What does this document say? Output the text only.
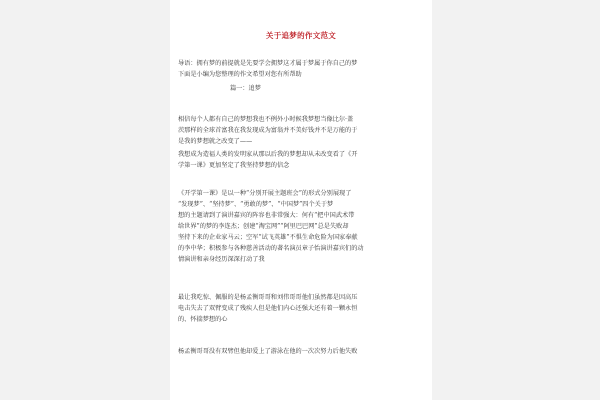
关于追梦的作文范文

导语：拥有梦的前提就是先要学会拥梦这才属于梦属于你自己的梦
下面是小编为您整理的作文希望对您有所帮助

篇一：追梦

相信每个人都有自己的梦想我也不例外小时候我梦想当像比尔·盖
茨那样的全球首富我在我发现成为富翁并不美好钱并不是万能的于
是我的梦想就之改变了——

我想成为造福人类的发明家从那以后我的梦想却从未改变看了《开
学第一课》更加坚定了我坚持梦想的信念

《开学第一课》是以一种“分别开展主题班会”的形式分别展现了
“发现梦”、“坚持梦”、“勇敢的梦”、“中国梦”四个关于梦
想的主题请到了演讲嘉宾的阵容也非常强大：何有“把中国武术带
给世界”的梦的李连杰；创建“淘宝网”“阿里巴巴网”总是失败却
坚持下来的企业家马云；空军“试飞英雄”不惧生命危险为国家奉献
的李中华；积极参与各种慈善活动的著名演员章子怡演讲嘉宾们的动
情演讲和亲身经历深深打动了我

最让我吃惊、佩服的是杨孟衡哥哥和刘伟哥哥他们虽然都是因高压
电击失去了双臂变成了残疾人但是他们内心还强大还有着一颗永恒
的、怀揣梦想的心

杨孟衡哥哥没有双臂但他却爱上了游泳在他的一次次努力后他失败
